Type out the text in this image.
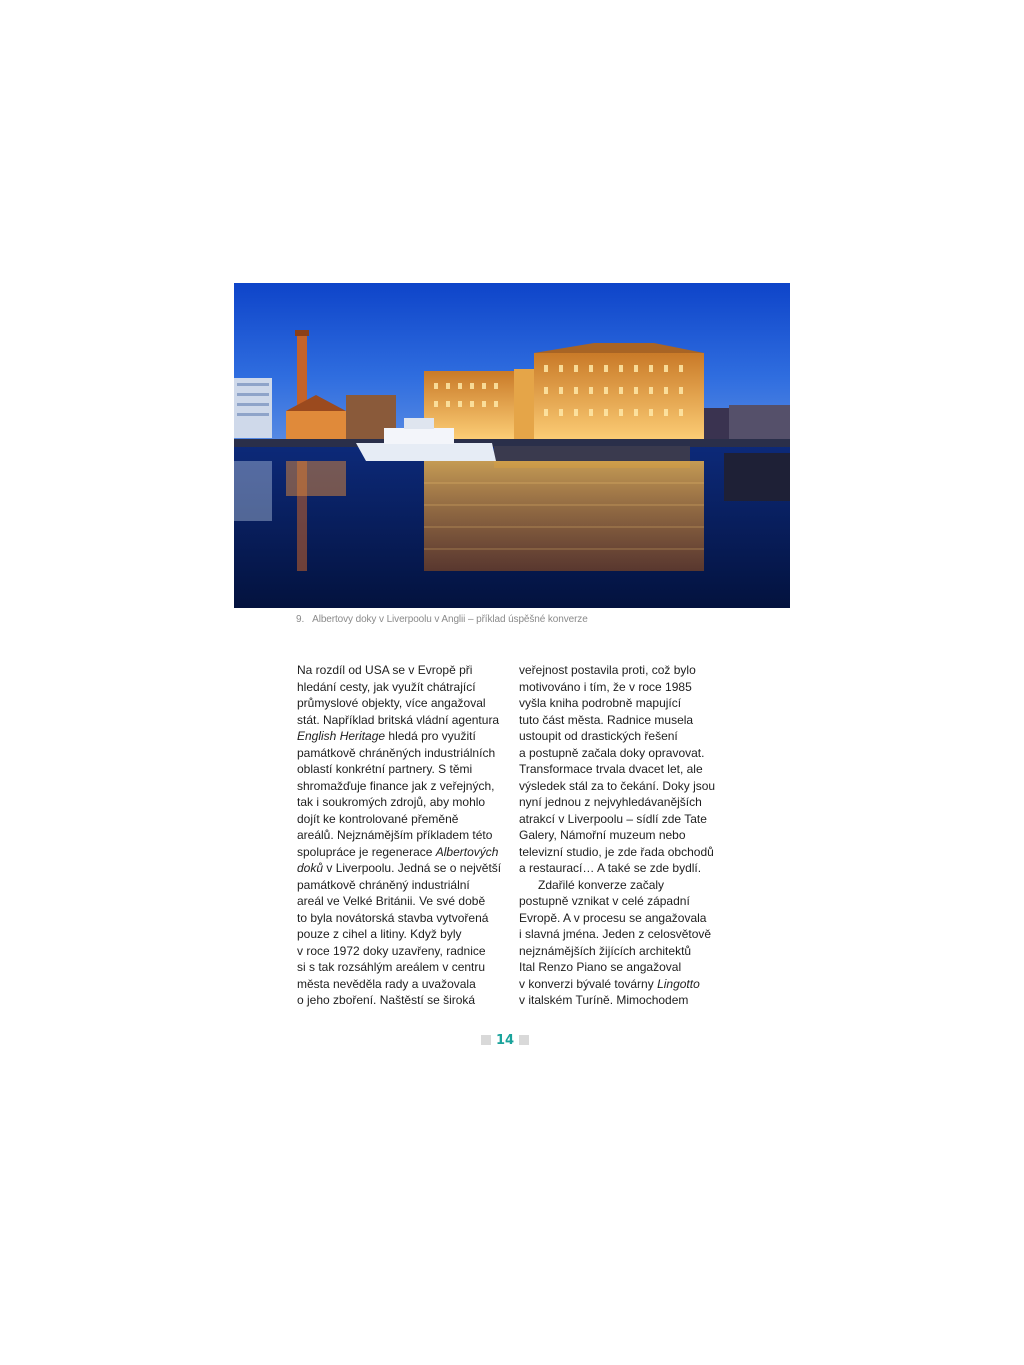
9. Albertovy doky v Liverpoolu v Anglii – příklad úspěšné konverze
Na rozdíl od USA se v Evropě při
hledání cesty, jak využít chátrající
průmyslové objekty, více angažoval
stát. Například britská vládní agentura
English Heritage hledá pro využití
památkově chráněných industriálních
oblastí konkrétní partnery. S těmi
shromažďuje finance jak z veřejných,
tak i soukromých zdrojů, aby mohlo
dojít ke kontrolované přeměně
areálů. Nejznámějším příkladem této
spolupráce je regenerace Albertových
doků v Liverpoolu. Jedná se o největší
památkově chráněný industriální
areál ve Velké Británii. Ve své době
to byla novátorská stavba vytvořená
pouze z cihel a litiny. Když byly
v roce 1972 doky uzavřeny, radnice
si s tak rozsáhlým areálem v centru
města nevěděla rady a uvažovala
o jeho zboření. Naštěstí se široká
veřejnost postavila proti, což bylo
motivováno i tím, že v roce 1985
vyšla kniha podrobně mapující
tuto část města. Radnice musela
ustoupit od drastických řešení
a postupně začala doky opravovat.
Transformace trvala dvacet let, ale
výsledek stál za to čekání. Doky jsou
nyní jednou z nejvyhledávanějších
atrakcí v Liverpoolu – sídlí zde Tate
Galery, Námořní muzeum nebo
televizní studio, je zde řada obchodů
a restaurací… A také se zde bydlí.
Zdařilé konverze začaly
postupně vznikat v celé západní
Evropě. A v procesu se angažovala
i slavná jména. Jeden z celosvětově
nejznámějších žijících architektů
Ital Renzo Piano se angažoval
v konverzi bývalé továrny Lingotto
v italském Turíně. Mimochodem
14
